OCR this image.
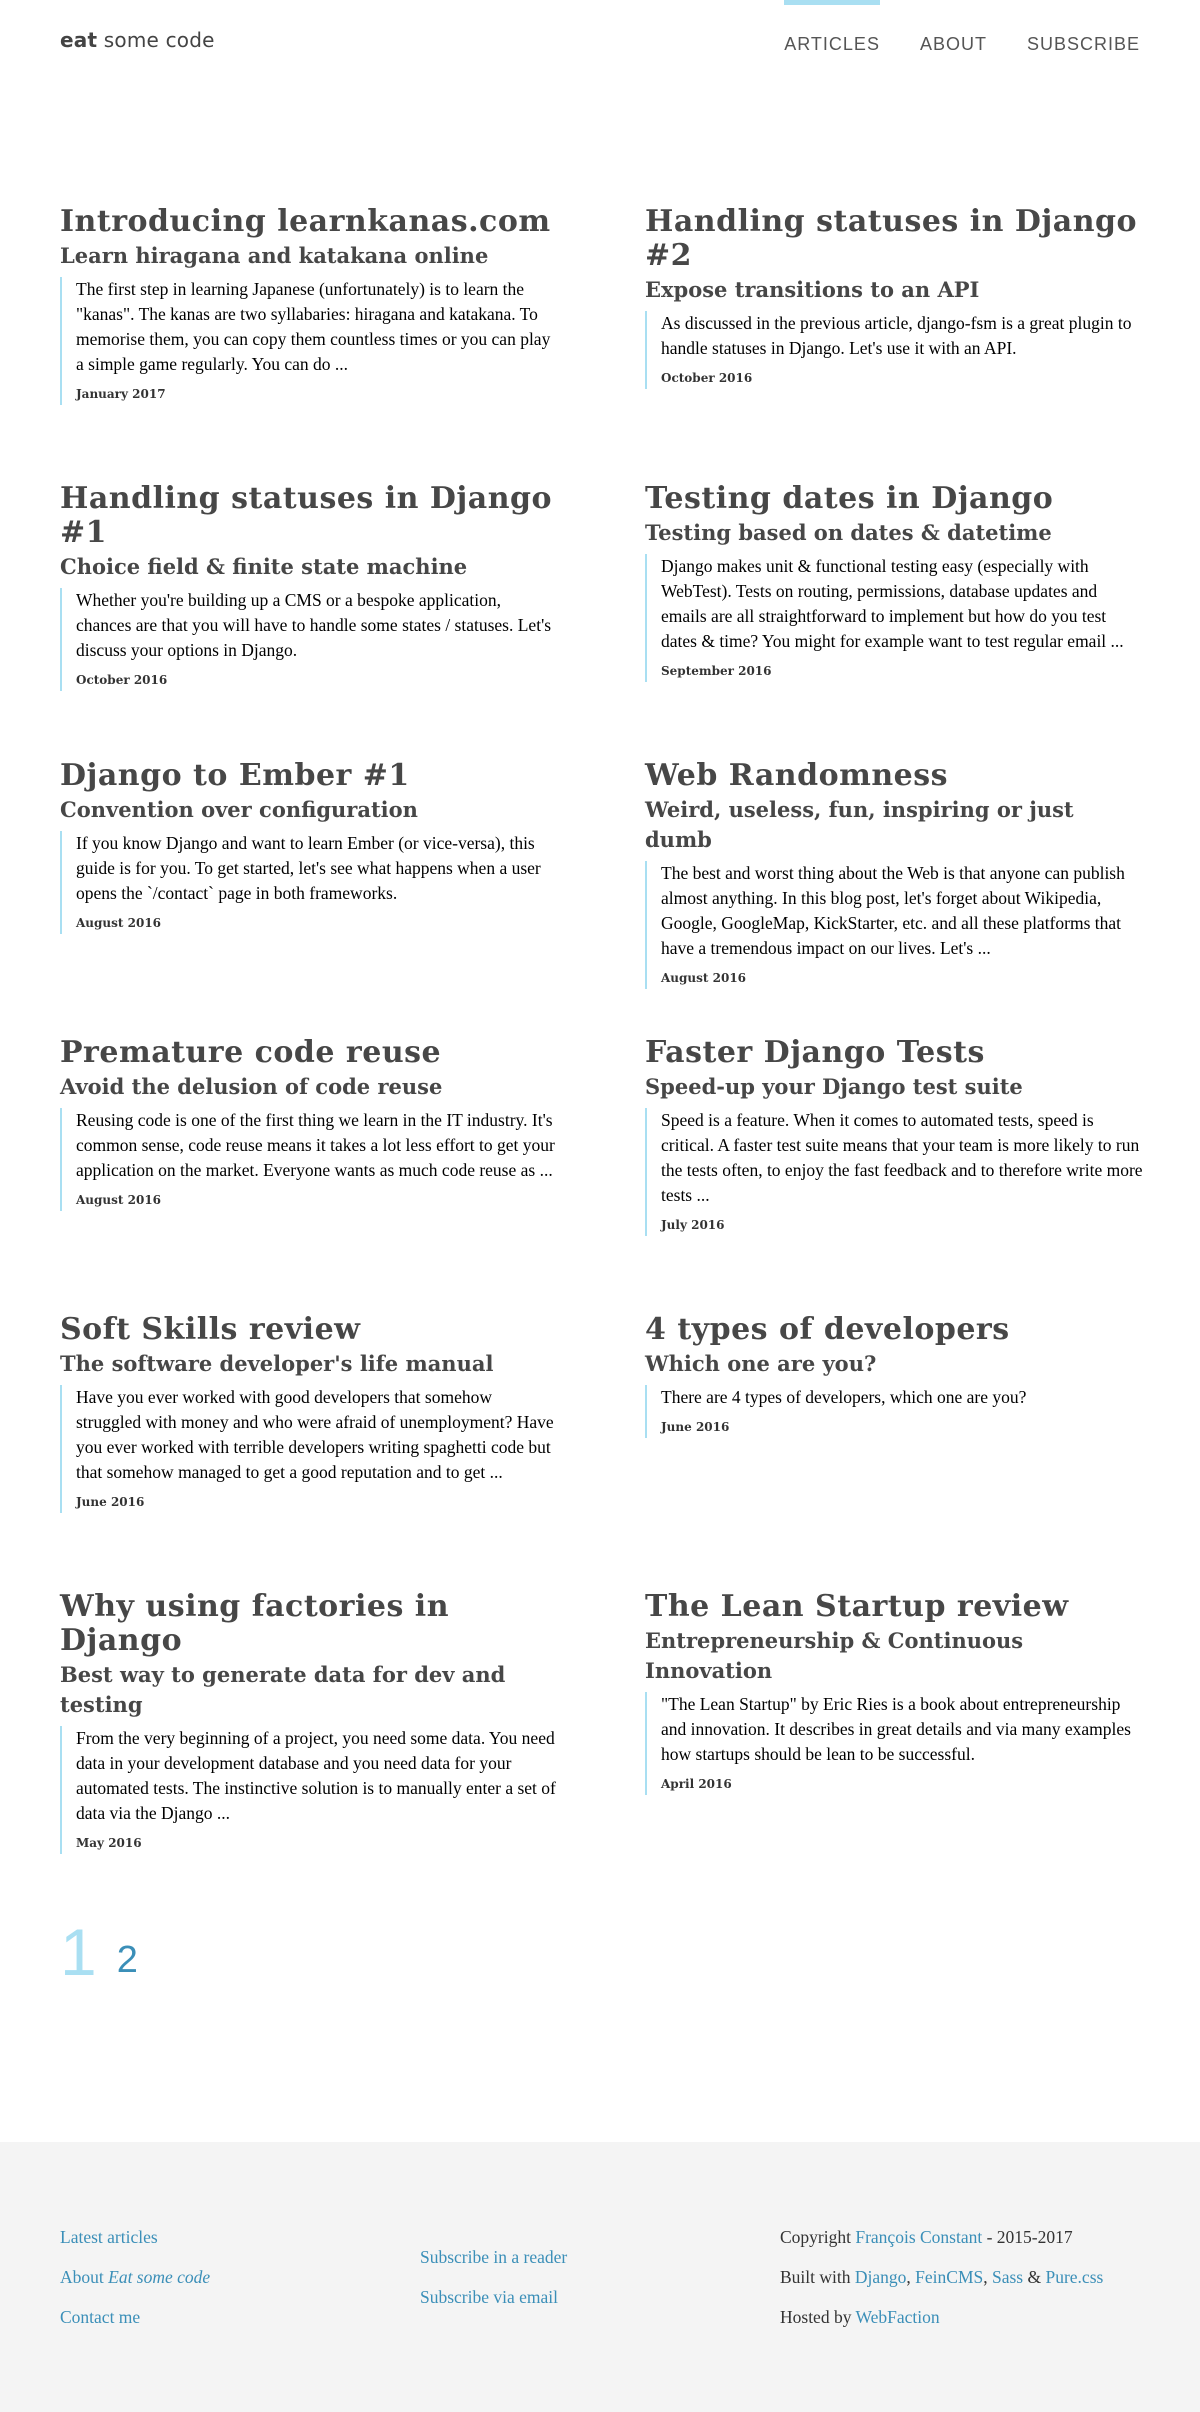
eat some code	ARTICLES ABOUT SUBSCRIBE
Introducing learnkanas.com
Learn hiragana and katakana online

The first step in learning Japanese (unfortunately) is to learn the "kanas". The kanas are two syllabaries: hiragana and katakana. To memorise them, you can copy them countless times or you can play a simple game regularly. You can do ...

January 2017
Handling statuses in Django #2
Expose transitions to an API

As discussed in the previous article, django-fsm is a great plugin to handle statuses in Django. Let's use it with an API.

October 2016
Handling statuses in Django #1
Choice field & finite state machine

Whether you're building up a CMS or a bespoke application, chances are that you will have to handle some states / statuses. Let's discuss your options in Django.

October 2016
Testing dates in Django
Testing based on dates & datetime

Django makes unit & functional testing easy (especially with WebTest). Tests on routing, permissions, database updates and emails are all straightforward to implement but how do you test dates & time? You might for example want to test regular email ...

September 2016
Django to Ember #1
Convention over configuration

If you know Django and want to learn Ember (or vice-versa), this guide is for you. To get started, let's see what happens when a user opens the `/contact` page in both frameworks.

August 2016
Web Randomness
Weird, useless, fun, inspiring or just dumb

The best and worst thing about the Web is that anyone can publish almost anything. In this blog post, let's forget about Wikipedia, Google, GoogleMap, KickStarter, etc. and all these platforms that have a tremendous impact on our lives. Let's ...

August 2016
Premature code reuse
Avoid the delusion of code reuse

Reusing code is one of the first thing we learn in the IT industry. It's common sense, code reuse means it takes a lot less effort to get your application on the market. Everyone wants as much code reuse as ...

August 2016
Faster Django Tests
Speed-up your Django test suite

Speed is a feature. When it comes to automated tests, speed is critical. A faster test suite means that your team is more likely to run the tests often, to enjoy the fast feedback and to therefore write more tests ...

July 2016
Soft Skills review
The software developer's life manual

Have you ever worked with good developers that somehow struggled with money and who were afraid of unemployment? Have you ever worked with terrible developers writing spaghetti code but that somehow managed to get a good reputation and to get ...

June 2016
4 types of developers
Which one are you?

There are 4 types of developers, which one are you?

June 2016
Why using factories in Django
Best way to generate data for dev and testing

From the very beginning of a project, you need some data. You need data in your development database and you need data for your automated tests. The instinctive solution is to manually enter a set of data via the Django ...

May 2016
The Lean Startup review
Entrepreneurship & Continuous Innovation

"The Lean Startup" by Eric Ries is a book about entrepreneurship and innovation. It describes in great details and via many examples how startups should be lean to be successful.

April 2016
1 2
Latest articles
About Eat some code
Contact me
Subscribe in a reader
Subscribe via email
Copyright François Constant - 2015-2017
Built with Django, FeinCMS, Sass & Pure.css
Hosted by WebFaction
